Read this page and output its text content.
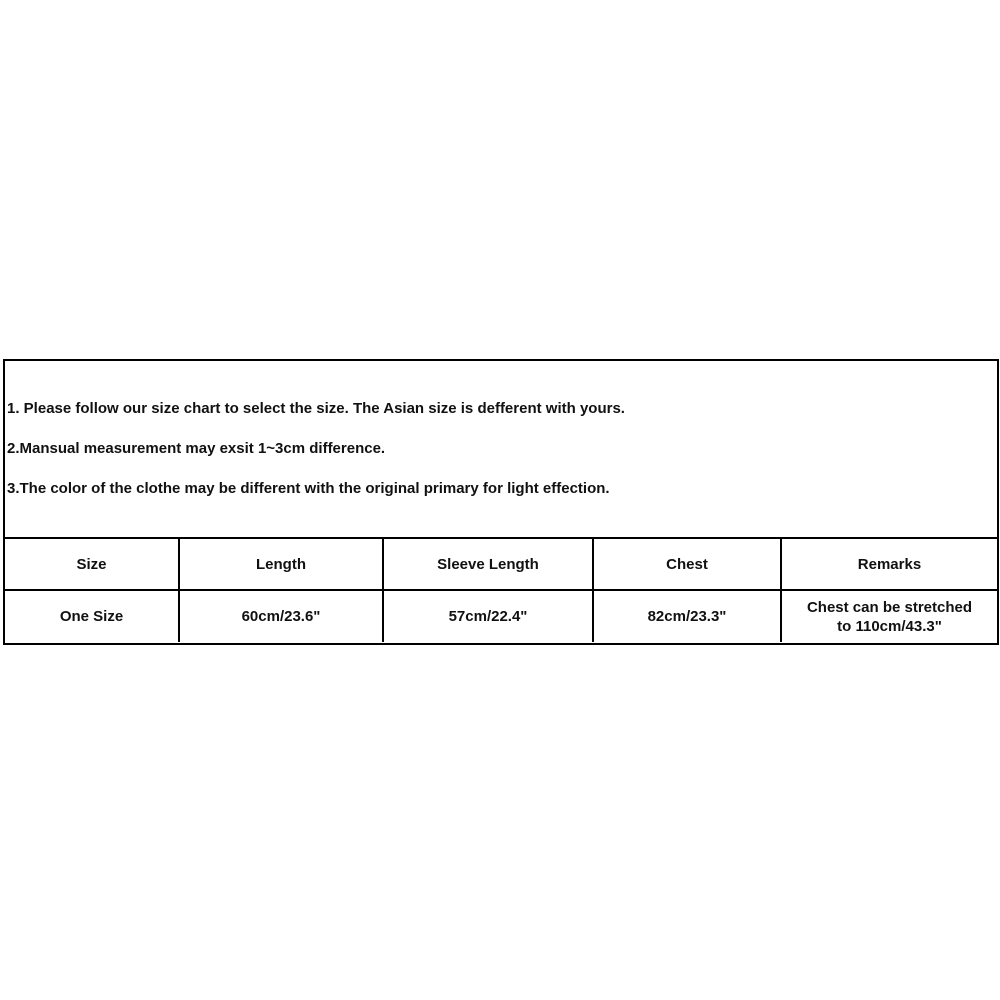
1. Please follow our size chart to select the size. The Asian size is defferent with yours.
2.Mansual measurement may exsit 1~3cm difference.
3.The color of the clothe may be different with the original primary for light effection.
Size	Length	Sleeve Length	Chest	Remarks
One Size	60cm/23.6"	57cm/22.4"	82cm/23.3"	Chest can be stretched
to 110cm/43.3"
